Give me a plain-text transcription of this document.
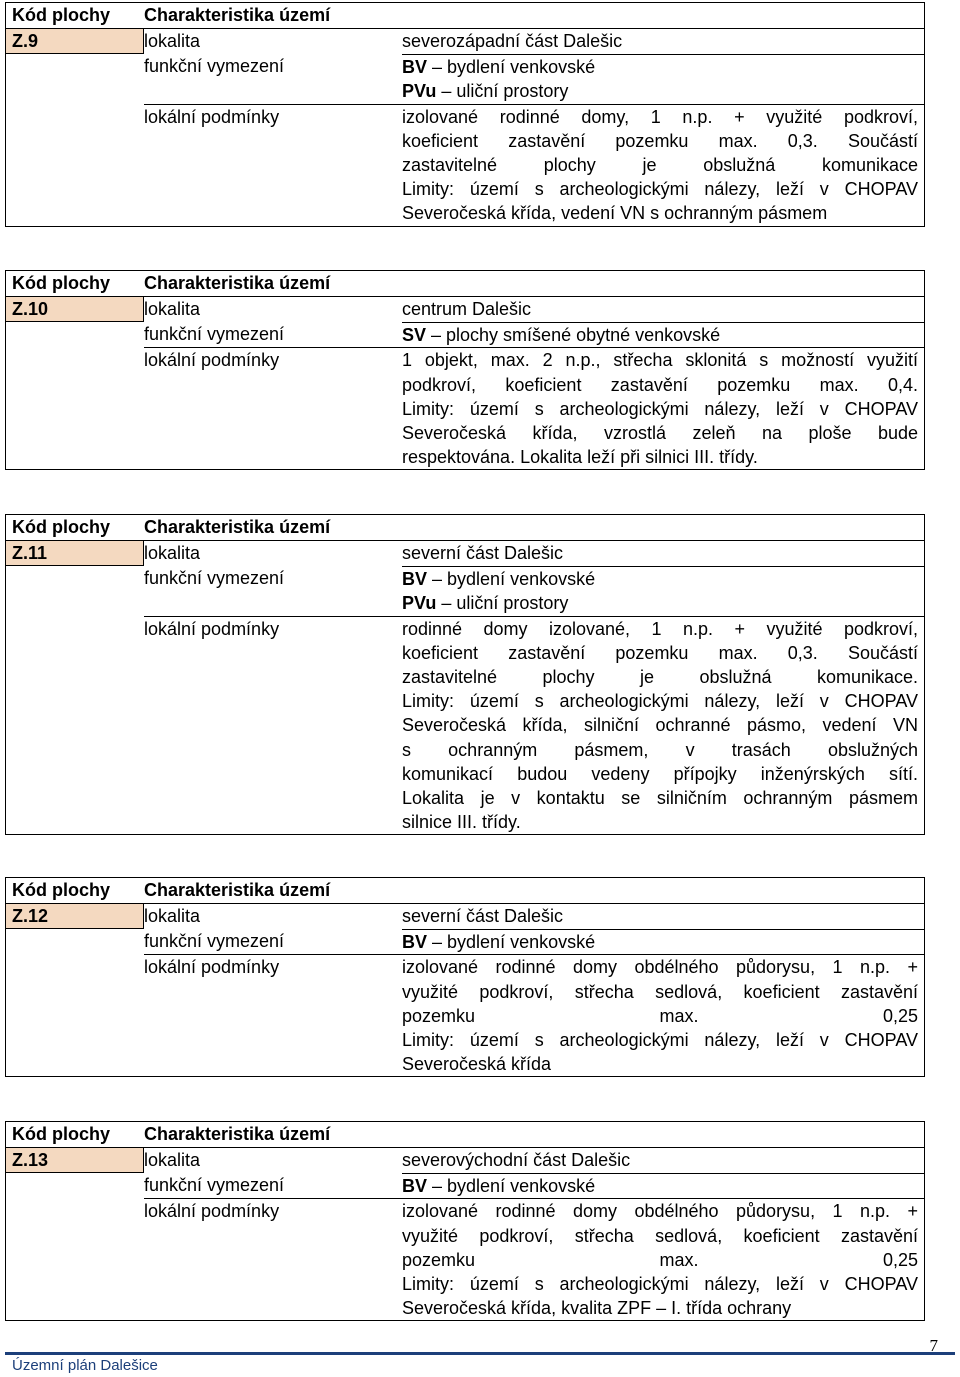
Kód plochy	Charakteristika území
Z.9	lokalita	severozápadní část Dalešic
funkční vymezení	BV – bydlení venkovské
PVu – uliční prostory
lokální podmínky	izolované rodinné domy, 1 n.p. + využité podkroví,
koeficient zastavění pozemku max. 0,3. Součástí
zastavitelné plochy je obslužná komunikace
Limity: území s archeologickými nálezy, leží v CHOPAV
Severočeská křída, vedení VN s ochranným pásmem
Kód plochy	Charakteristika území
Z.10	lokalita	centrum Dalešic
funkční vymezení	SV – plochy smíšené obytné venkovské
lokální podmínky	1 objekt, max. 2 n.p., střecha sklonitá s možností využití
podkroví, koeficient zastavění pozemku max. 0,4.
Limity: území s archeologickými nálezy, leží v CHOPAV
Severočeská křída, vzrostlá zeleň na ploše bude
respektována. Lokalita leží při silnici III. třídy.
Kód plochy	Charakteristika území
Z.11	lokalita	severní část Dalešic
funkční vymezení	BV – bydlení venkovské
PVu – uliční prostory
lokální podmínky	rodinné domy izolované, 1 n.p. + využité podkroví,
koeficient zastavění pozemku max. 0,3. Součástí
zastavitelné plochy je obslužná komunikace.
Limity: území s archeologickými nálezy, leží v CHOPAV
Severočeská křída, silniční ochranné pásmo, vedení VN
s ochranným pásmem, v trasách obslužných
komunikací budou vedeny přípojky inženýrských sítí.
Lokalita je v kontaktu se silničním ochranným pásmem
silnice III. třídy.
Kód plochy	Charakteristika území
Z.12	lokalita	severní část Dalešic
funkční vymezení	BV – bydlení venkovské
lokální podmínky	izolované rodinné domy obdélného půdorysu, 1 n.p. +
využité podkroví, střecha sedlová, koeficient zastavění
pozemku max. 0,25
Limity: území s archeologickými nálezy, leží v CHOPAV
Severočeská křída
Kód plochy	Charakteristika území
Z.13	lokalita	severovýchodní část Dalešic
funkční vymezení	BV – bydlení venkovské
lokální podmínky	izolované rodinné domy obdélného půdorysu, 1 n.p. +
využité podkroví, střecha sedlová, koeficient zastavění
pozemku max. 0,25
Limity: území s archeologickými nálezy, leží v CHOPAV
Severočeská křída, kvalita ZPF – I. třída ochrany
7
Územní plán Dalešice
